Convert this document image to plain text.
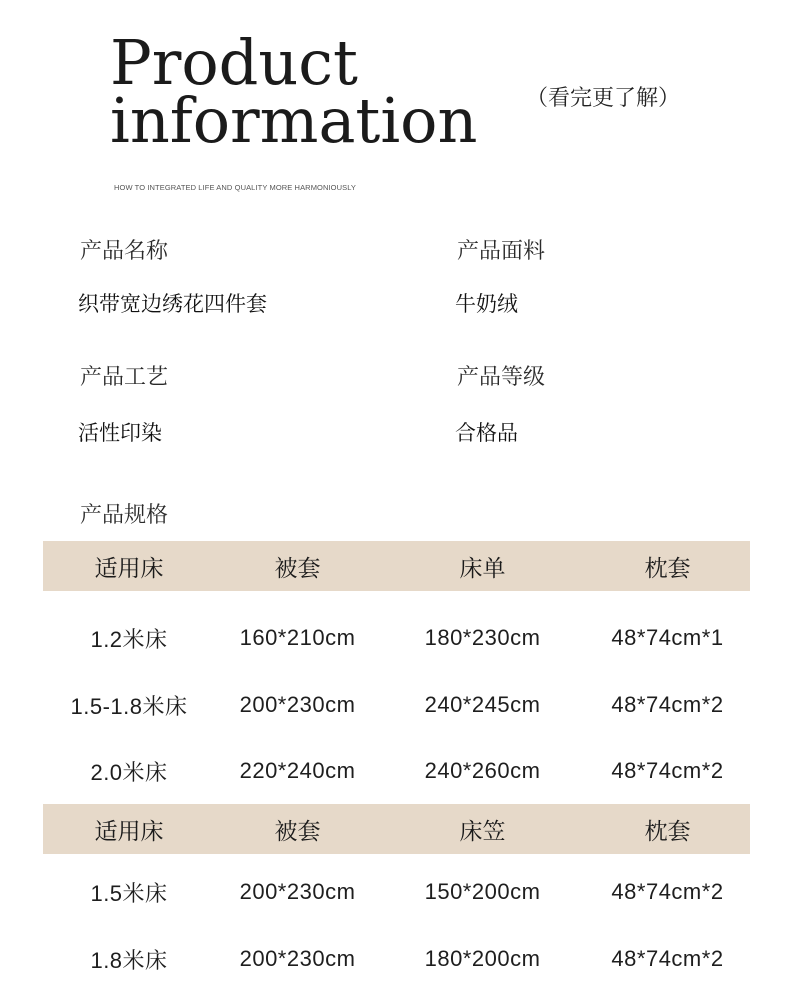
Product
information
HOW TO INTEGRATED LIFE AND QUALITY MORE HARMONIOUSLY
（看完更了解）
产品名称
织带宽边绣花四件套
产品面料
牛奶绒
产品工艺
活性印染
产品等级
合格品
产品规格
适用床	被套	床单	枕套
1.2米床	160*210cm	180*230cm	48*74cm*1
1.5-1.8米床	200*230cm	240*245cm	48*74cm*2
2.0米床	220*240cm	240*260cm	48*74cm*2
适用床	被套	床笠	枕套
1.5米床	200*230cm	150*200cm	48*74cm*2
1.8米床	200*230cm	180*200cm	48*74cm*2
